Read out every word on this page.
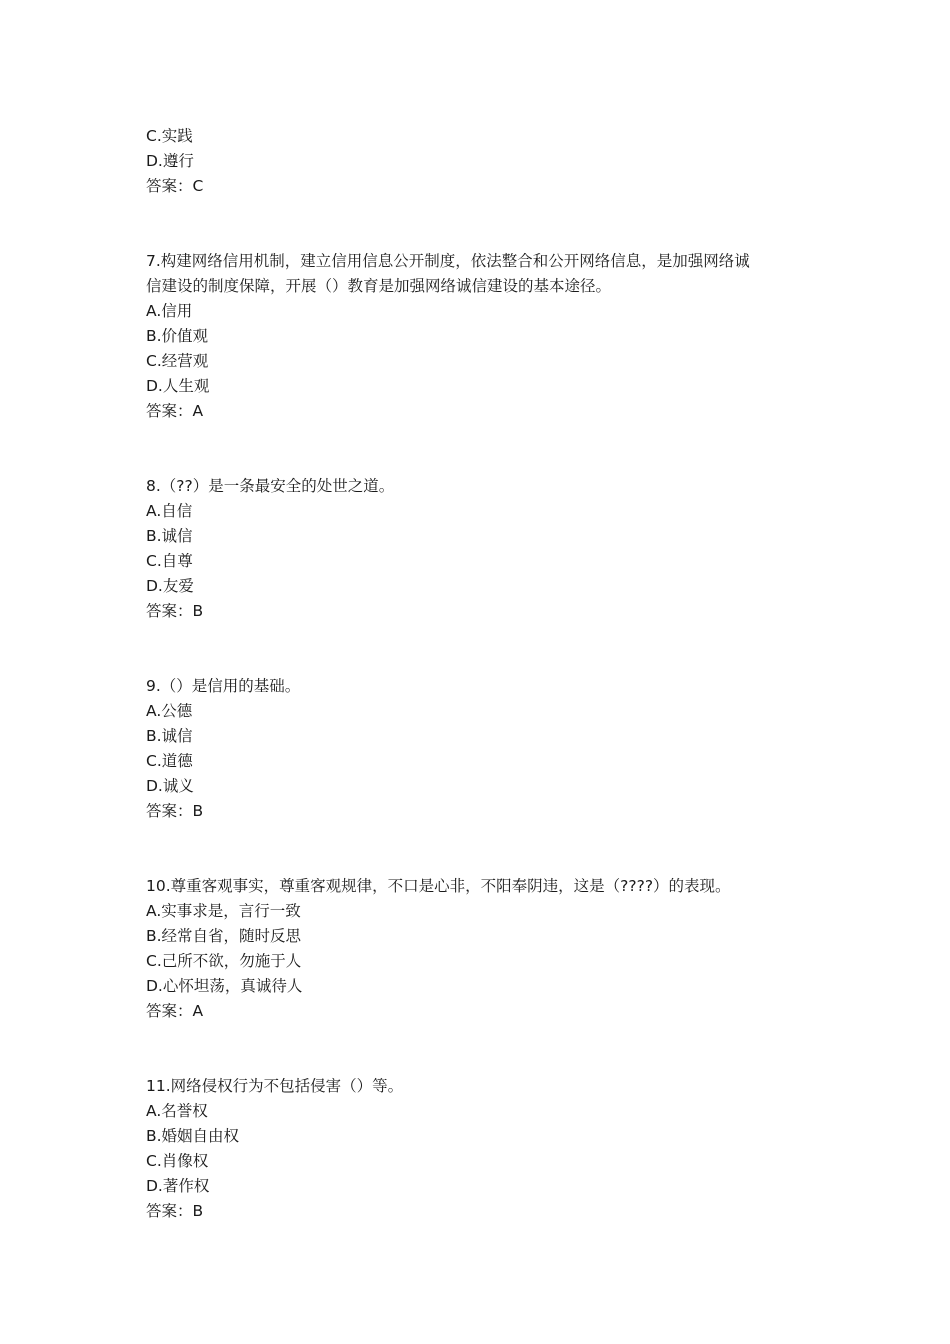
C.实践
D.遵行
答案：C
7.构建网络信用机制，建立信用信息公开制度，依法整合和公开网络信息，是加强网络诚
信建设的制度保障，开展（）教育是加强网络诚信建设的基本途径。
A.信用
B.价值观
C.经营观
D.人生观
答案：A
8.（??）是一条最安全的处世之道。
A.自信
B.诚信
C.自尊
D.友爱
答案：B
9.（）是信用的基础。
A.公德
B.诚信
C.道德
D.诚义
答案：B
10.尊重客观事实，尊重客观规律，不口是心非，不阳奉阴违，这是（????）的表现。
A.实事求是，言行一致
B.经常自省，随时反思
C.己所不欲，勿施于人
D.心怀坦荡，真诚待人
答案：A
11.网络侵权行为不包括侵害（）等。
A.名誉权
B.婚姻自由权
C.肖像权
D.著作权
答案：B
